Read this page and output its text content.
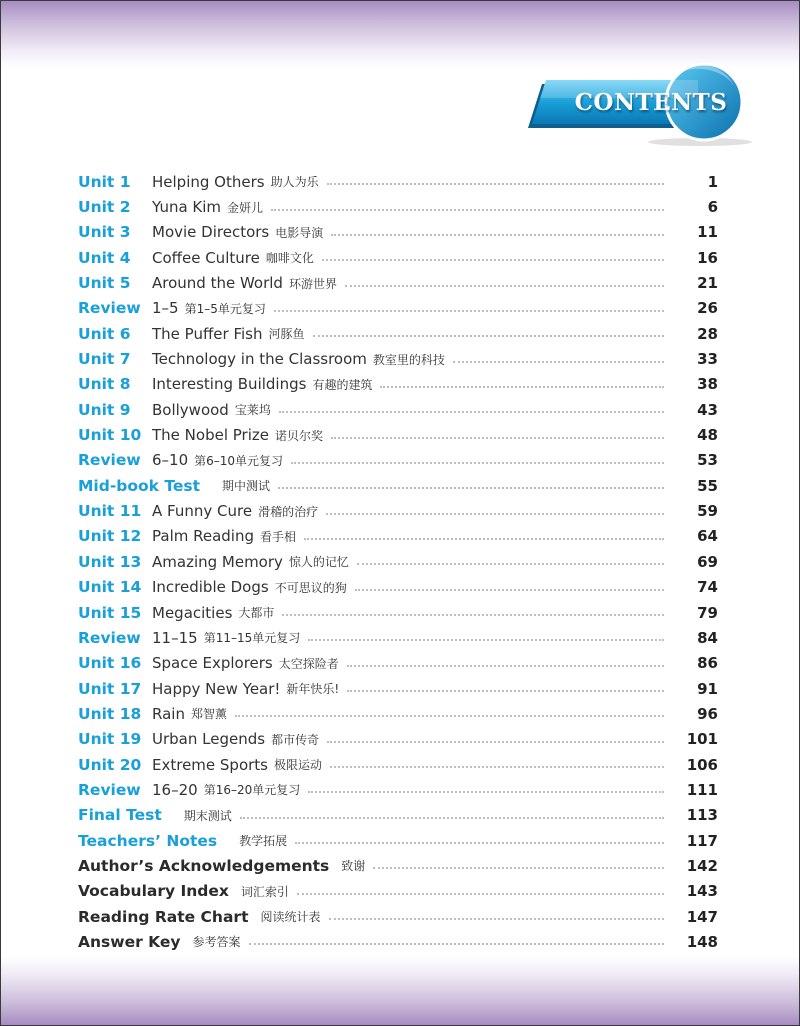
CONTENTS
Unit 1	Helping Others 助人为乐	1
Unit 2	Yuna Kim 金妍儿	6
Unit 3	Movie Directors 电影导演	11
Unit 4	Coffee Culture 咖啡文化	16
Unit 5	Around the World 环游世界	21
Review 1–5 第1–5单元复习	26
Unit 6	The Puffer Fish 河豚鱼	28
Unit 7	Technology in the Classroom 教室里的科技	33
Unit 8	Interesting Buildings 有趣的建筑	38
Unit 9	Bollywood 宝莱坞	43
Unit 10 The Nobel Prize 诺贝尔奖	48
Review 6–10 第6–10单元复习	53
Mid-book Test 期中测试	55
Unit 11 A Funny Cure 滑稽的治疗	59
Unit 12 Palm Reading 看手相	64
Unit 13 Amazing Memory 惊人的记忆	69
Unit 14 Incredible Dogs 不可思议的狗	74
Unit 15 Megacities 大都市	79
Review 11–15 第11–15单元复习	84
Unit 16 Space Explorers 太空探险者	86
Unit 17 Happy New Year! 新年快乐!	91
Unit 18 Rain 郑智薰	96
Unit 19 Urban Legends 都市传奇	101
Unit 20 Extreme Sports 极限运动	106
Review 16–20 第16–20单元复习	111
Final Test 期末测试	113
Teachers’ Notes 教学拓展	117
Author’s Acknowledgements 致谢	142
Vocabulary Index 词汇索引	143
Reading Rate Chart 阅读统计表	147
Answer Key 参考答案	148
